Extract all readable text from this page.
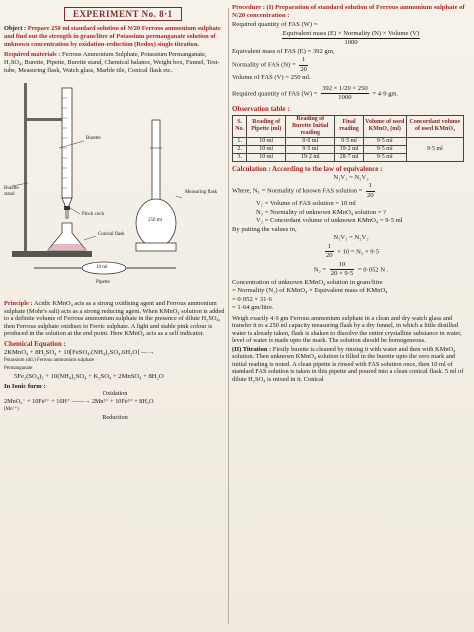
EXPERIMENT No. 8·1

Object : Prepare 250 ml standard solution of N/20 Ferrous ammonium sulphate and find out the strength in gram/litre of Potassium permanganate solution of unknown concentration by oxidation-reduction (Redox) single titration.

Required materials : Ferrous Ammonium Sulphate, Potassium Permanganate, H₂SO₄, Burette, Pipette, Burette stand, Chemical balance, Weight box, Funnel, Test-tube, Measuring flask, Watch glass, Marble tile, Conical flask etc.

Burette
Burette stand
Pinch cock
Conical flask
Measuring flask
250 ml
10 ml
Pipette

Principle : Acidic KMnO₄ acts as a strong oxidising agent and Ferrous ammonium sulphate (Mohr's salt) acts as a strong reducing agent. When KMnO₄ solution is added to a definite volume of Ferrous ammonium sulphate in the presence of dilute H₂SO₄, then Ferrous sulphate oxidises to Ferric sulphate. A light and stable pink colour is produced in the solution at the end point. Here KMnO₄ acts as a self indicator.

Chemical Equation :

2KMnO₄ + 8H₂SO₄ + 10[FeSO₄.(NH₄)₂SO₄.6H₂O] —→

Potassium (dil.) Ferrous ammonium sulphate

Permanganate

5Fe₂(SO₄)₃ + 10(NH₄)₂SO₄ + K₂SO₄ + 2MnSO₄ + 8H₂O

In Ionic form :

Oxidation

2MnO₄⁻ + 10Fe²⁺ + 16H⁺ ——→ 2Mn²⁺ + 10Fe³⁺ + 8H₂O

(Mn⁷⁺)

Reduction

Procedure : (I) Preparation of standard solution of Ferrous ammonium sulphate of N/20 concentration :

Required quantity of FAS (W) =

$\frac{\text{Equivalent mass (E) × Normality (N) × Volume (V)}}{1000}$

Equivalent mass of FAS (E) = 392 gm,

Normality of FAS $(N) = \frac{1}{20}$

Volume of FAS (V) = 250 ml.

Required quantity of FAS $(W) = \frac{392 \times 1/20 \times 250}{1000} = 4\cdot 9$ gm.

Observation table :
S. No.	Reading of Pipette (ml)	Reading of Burette Initial reading	Final reading	Volume of used KMnO₄ (ml)	Concordant volume of used KMnO₄
1.	10 ml	0·0 ml	9·5 ml	9·5 ml	9·5 ml
2.	10 ml	9·5 ml	19·2 ml	9·5 ml	
3.	10 ml	19·2 ml	28·7 ml	9·5 ml	
Calculation : According to the law of equivalence :

N₁V₁ = N₂V₂

Where, N₁ = Normality of known FAS solution = $\frac{1}{20}$

V₁ = Volume of FAS solution = 10 ml

N₂ = Normality of unknown KMnO₄ solution = ?

V₂ = Concordant volume of unknown KMnO₄ = 9·5 ml

By putting the values in,

N₁V₁ = N₂V₂

$\frac{1}{20} \times 10 = N_2 \times 9\cdot 5$

$N_2 = \frac{10}{20 \times 9\cdot 5} = 0\cdot 052$ N .

Concentration of unknown KMnO₄ solution in gram/litre

= Normality (N₂) of KMnO₄ × Equivalent mass of KMnO₄

= 0·052 × 31·6

= 1·64 gm/litre.

Weigh exactly 4·9 gm Ferrous ammonium sulphate in a clean and dry watch glass and transfer it to a 250 ml capacity measuring flask by a dry funnel, in which a little distilled water is already taken, flask is shaken to dissolve the entire crystalline substance in water, level of water is made upto the mark. The solution should be homogeneous.

(II) Titration : Firstly burette is cleaned by rinsing it with water and then with KMnO₄ solution. Then unknown KMnO₄ solution is filled in the burette upto the zero mark and initial reading is noted. A clean pipette is rinsed with FAS solution once, then 10 ml of standard FAS solution is taken in this pipette and poured into a clean conical flask. 5 ml of dilute H₂SO₄ is mixed in it. Conical
